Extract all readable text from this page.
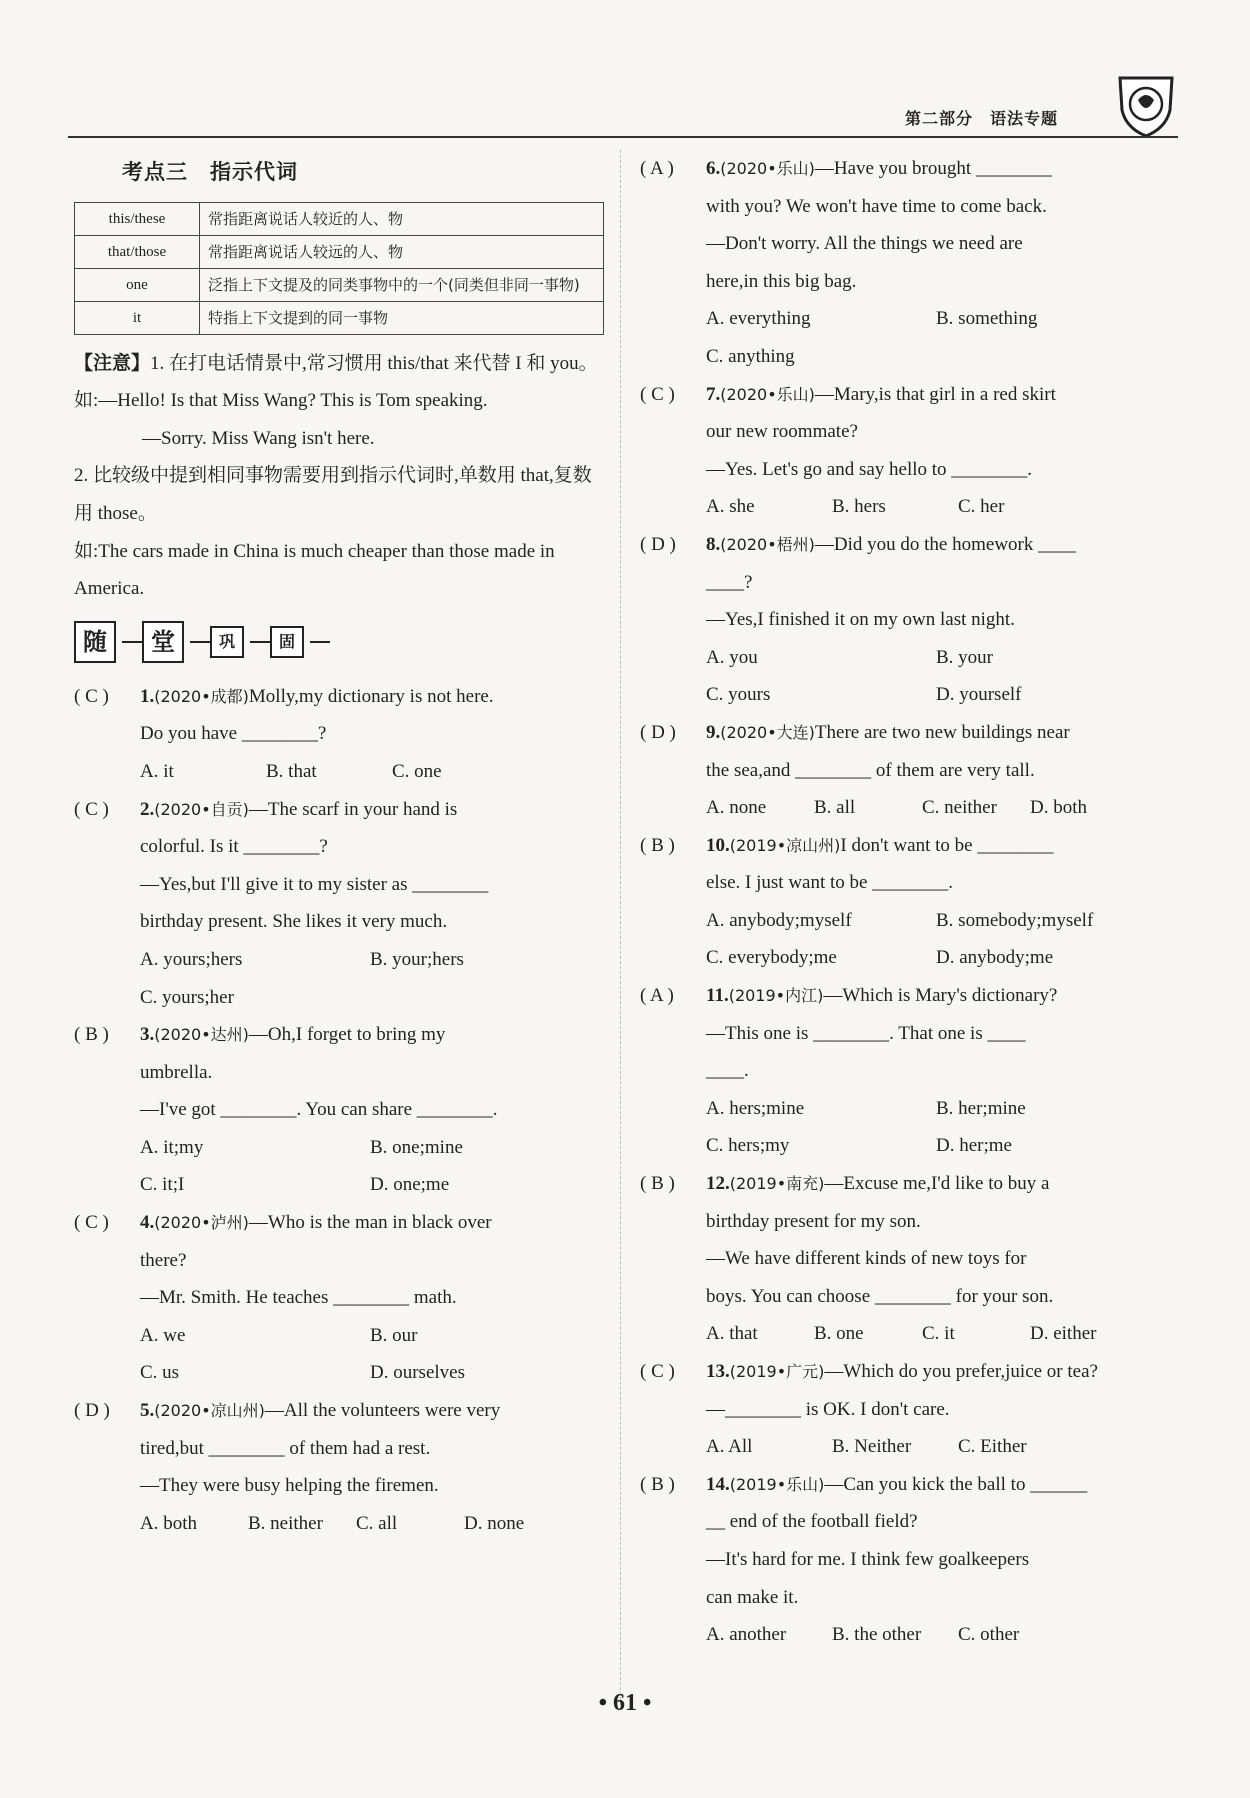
第二部分　语法专题
考点三　指示代词
this/these	常指距离说话人较近的人、物
that/those	常指距离说话人较远的人、物
one	泛指上下文提及的同类事物中的一个(同类但非同一事物)
it	特指上下文提到的同一事物

【注意】1. 在打电话情景中,常习惯用 this/that 来代替 I 和 you。

如:—Hello! Is that Miss Wang? This is Tom speaking.

—Sorry. Miss Wang isn't here.

2. 比较级中提到相同事物需要用到指示代词时,单数用 that,复数用 those。

如:The cars made in China is much cheaper than those made in America.

随	堂	巩	固
( C )	1.(2020•成都)Molly,my dictionary is not here.
Do you have ________?
A. it	B. that	C. one
( C )	2.(2020•自贡)—The scarf in your hand is
colorful. Is it ________?
—Yes,but I'll give it to my sister as ________
birthday present. She likes it very much.
A. yours;hers	B. your;hers
C. yours;her
( B )	3.(2020•达州)—Oh,I forget to bring my
umbrella.
—I've got ________. You can share ________.
A. it;my	B. one;mine
C. it;I	D. one;me
( C )	4.(2020•泸州)—Who is the man in black over
there?
—Mr. Smith. He teaches ________ math.
A. we	B. our
C. us	D. ourselves
( D )	5.(2020•凉山州)—All the volunteers were very
tired,but ________ of them had a rest.
—They were busy helping the firemen.
A. both	B. neither	C. all	D. none
( A )	6.(2020•乐山)—Have you brought ________
with you? We won't have time to come back.
—Don't worry. All the things we need are
here,in this big bag.
A. everything	B. something
C. anything
( C )	7.(2020•乐山)—Mary,is that girl in a red skirt
our new roommate?
—Yes. Let's go and say hello to ________.
A. she	B. hers	C. her
( D )	8.(2020•梧州)—Did you do the homework ____
____?
—Yes,I finished it on my own last night.
A. you	B. your
C. yours	D. yourself
( D )	9.(2020•大连)There are two new buildings near
the sea,and ________ of them are very tall.
A. none	B. all	C. neither	D. both
( B )	10.(2019•凉山州)I don't want to be ________
else. I just want to be ________.
A. anybody;myself	B. somebody;myself
C. everybody;me	D. anybody;me
( A )	11.(2019•内江)—Which is Mary's dictionary?
—This one is ________. That one is ____
____.
A. hers;mine	B. her;mine
C. hers;my	D. her;me
( B )	12.(2019•南充)—Excuse me,I'd like to buy a
birthday present for my son.
—We have different kinds of new toys for
boys. You can choose ________ for your son.
A. that	B. one	C. it	D. either
( C )	13.(2019•广元)—Which do you prefer,juice or tea?
—________ is OK. I don't care.
A. All	B. Neither	C. Either
( B )	14.(2019•乐山)—Can you kick the ball to ______
__ end of the football field?
—It's hard for me. I think few goalkeepers
can make it.
A. another	B. the other	C. other
• 61 •
